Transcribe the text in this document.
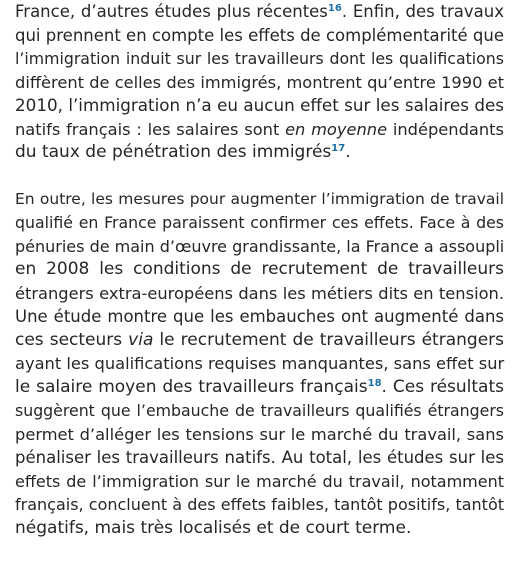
France, d’autres études plus récentes$^{16}$. Enfin, des travaux
qui prennent en compte les effets de complémentarité que
l’immigration induit sur les travailleurs dont les qualifications
diffèrent de celles des immigrés, montrent qu’entre 1990 et
2010, l’immigration n’a eu aucun effet sur les salaires des
natifs français : les salaires sont en moyenne indépendants
du taux de pénétration des immigrés$^{17}$.
En outre, les mesures pour augmenter l’immigration de travail
qualifié en France paraissent confirmer ces effets. Face à des
pénuries de main d’œuvre grandissante, la France a assoupli
en 2008 les conditions de recrutement de travailleurs
étrangers extra-européens dans les métiers dits en tension.
Une étude montre que les embauches ont augmenté dans
ces secteurs via le recrutement de travailleurs étrangers
ayant les qualifications requises manquantes, sans effet sur
le salaire moyen des travailleurs français$^{18}$. Ces résultats
suggèrent que l’embauche de travailleurs qualifiés étrangers
permet d’alléger les tensions sur le marché du travail, sans
pénaliser les travailleurs natifs. Au total, les études sur les
effets de l’immigration sur le marché du travail, notamment
français, concluent à des effets faibles, tantôt positifs, tantôt
négatifs, mais très localisés et de court terme.
